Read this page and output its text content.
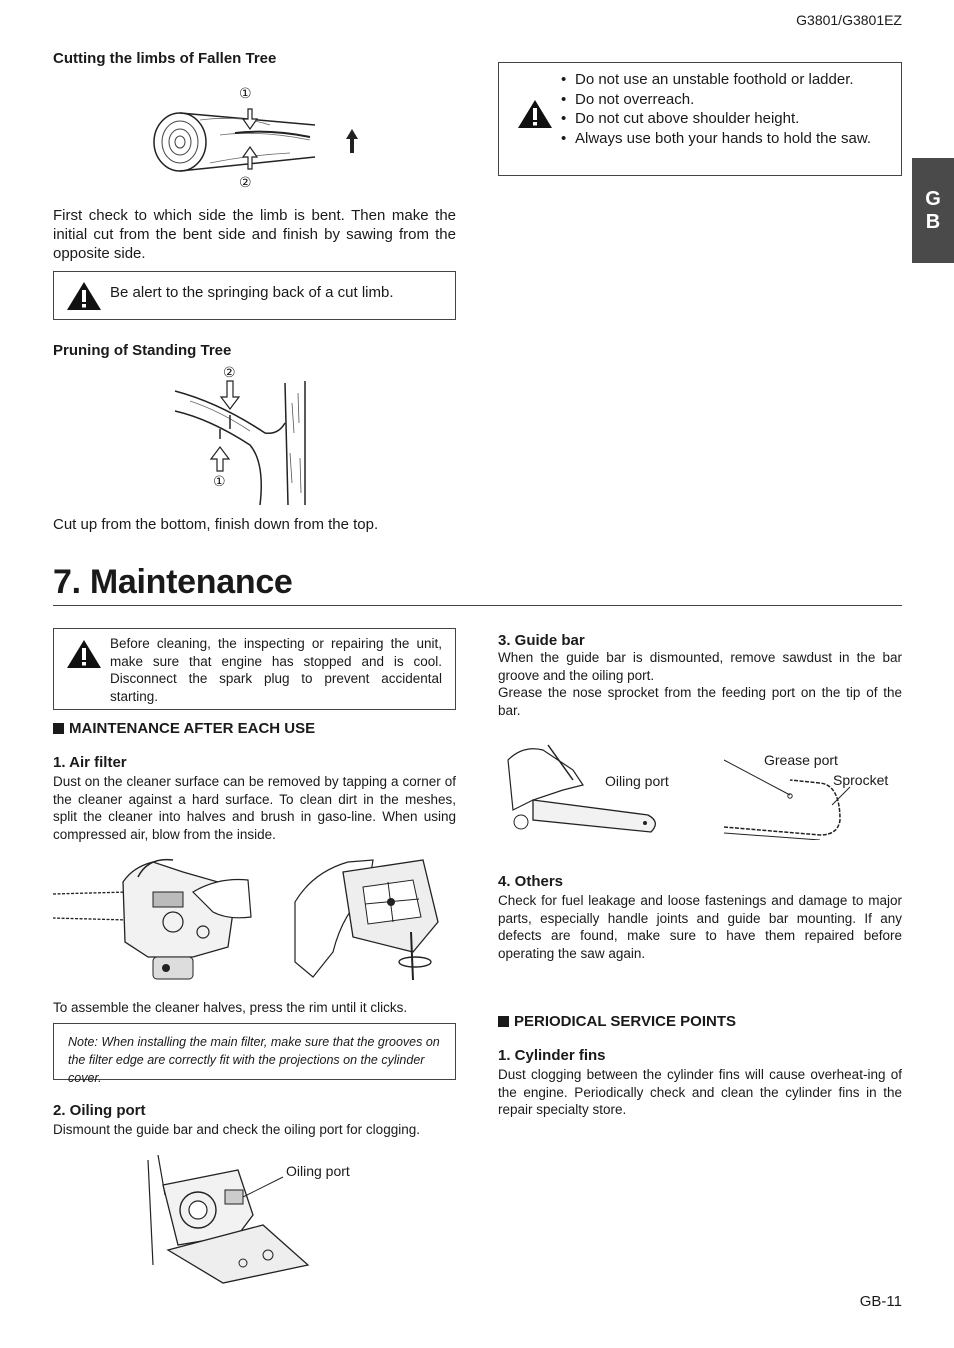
G3801/G3801EZ
G
B
Cutting the limbs of Fallen Tree
①
②
First check to which side the limb is bent. Then make the initial cut from the bent side and finish by sawing from the opposite side.
Be alert to the springing back of a cut limb.
Pruning of Standing Tree
②
①
Cut up from the bottom, finish down from the top.
• Do not use an unstable foothold or ladder.
• Do not overreach.
• Do not cut above shoulder height.
• Always use both your hands to hold the saw.
7. Maintenance
Before cleaning, the inspecting or repairing the unit, make sure that engine has stopped and is cool. Disconnect the spark plug to prevent accidental starting.
MAINTENANCE AFTER EACH USE
1. Air filter
Dust on the cleaner surface can be removed by tapping a corner of the cleaner against a hard surface. To clean dirt in the meshes, split the cleaner into halves and brush in gaso-line. When using compressed air, blow from the inside.
To assemble the cleaner halves, press the rim until it clicks.
Note: When installing the main filter, make sure that the grooves on the filter edge are correctly fit with the projections on the cylinder cover.
2. Oiling port
Dismount the guide bar and check the oiling port for clogging.
Oiling port
3. Guide bar
When the guide bar is dismounted, remove sawdust in the bar groove and the oiling port.
Grease the nose sprocket from the feeding port on the tip of the bar.
Oiling port
Grease port
Sprocket
4. Others
Check for fuel leakage and loose fastenings and damage to major parts, especially handle joints and guide bar mounting. If any defects are found, make sure to have them repaired before operating the saw again.
PERIODICAL SERVICE POINTS
1. Cylinder fins
Dust clogging between the cylinder fins will cause overheat-ing of the engine. Periodically check and clean the cylinder fins in the repair specialty store.
GB-11
